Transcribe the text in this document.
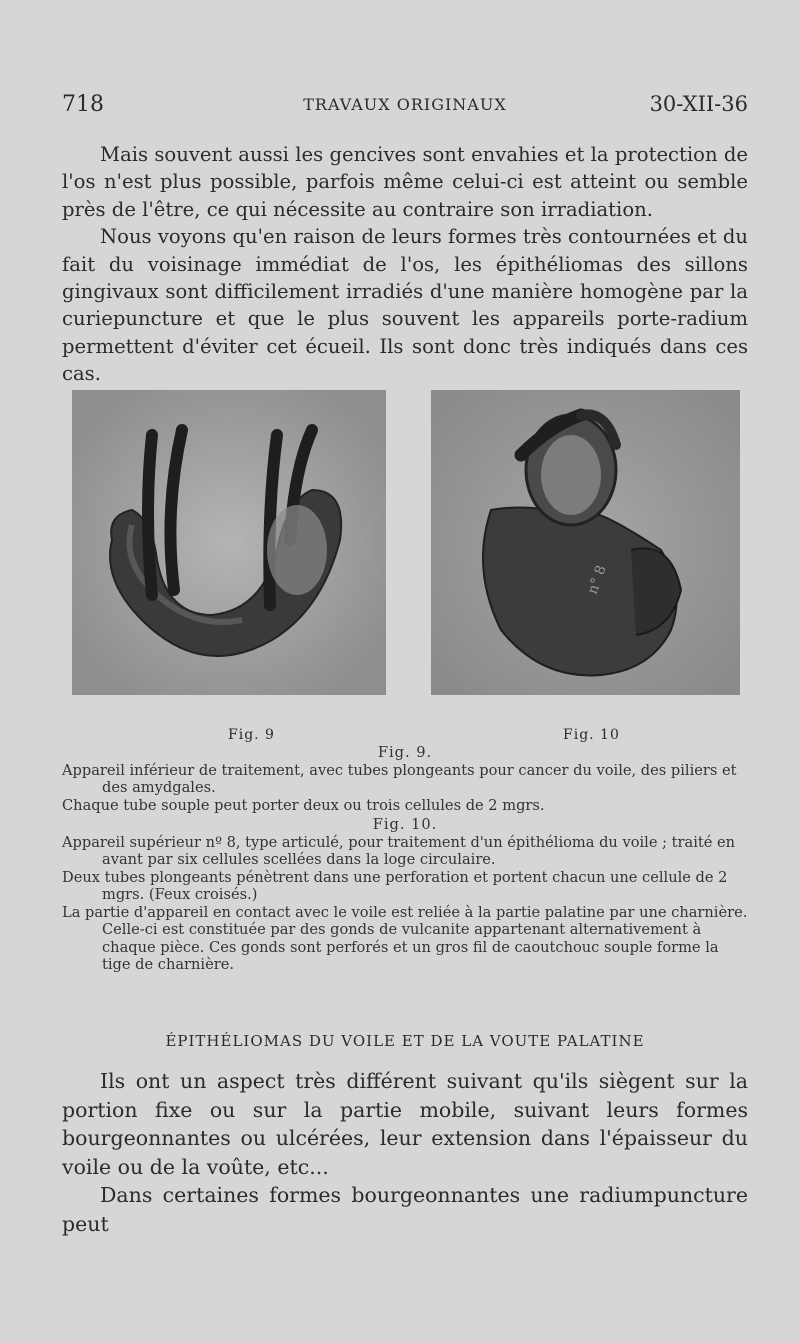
718	TRAVAUX ORIGINAUX	30-XII-36

Mais souvent aussi les gencives sont envahies et la protection de l'os n'est plus possible, parfois même celui-ci est atteint ou semble près de l'être, ce qui nécessite au contraire son irradiation.

Nous voyons qu'en raison de leurs formes très contournées et du fait du voisinage immédiat de l'os, les épithéliomas des sillons gingivaux sont difficilement irradiés d'une manière homogène par la curiepuncture et que le plus souvent les appareils porte-radium permettent d'éviter cet écueil. Ils sont donc très indiqués dans ces cas.

n° 8
Fig. 9	Fig. 10
Fig. 9.

Appareil inférieur de traitement, avec tubes plongeants pour cancer du voile, des piliers et des amydgales.

Chaque tube souple peut porter deux ou trois cellules de 2 mgrs.

Fig. 10.

Appareil supérieur nº 8, type articulé, pour traitement d'un épithélioma du voile ; traité en avant par six cellules scellées dans la loge circulaire.

Deux tubes plongeants pénètrent dans une perforation et portent chacun une cellule de 2 mgrs. (Feux croisés.)

La partie d'appareil en contact avec le voile est reliée à la partie palatine par une charnière. Celle-ci est constituée par des gonds de vulcanite appartenant alternativement à chaque pièce. Ces gonds sont perforés et un gros fil de caoutchouc souple forme la tige de charnière.

ÉPITHÉLIOMAS DU VOILE ET DE LA VOUTE PALATINE

Ils ont un aspect très différent suivant qu'ils siègent sur la portion fixe ou sur la partie mobile, suivant leurs formes bourgeonnantes ou ulcérées, leur extension dans l'épaisseur du voile ou de la voûte, etc...

Dans certaines formes bourgeonnantes une radiumpuncture peut
